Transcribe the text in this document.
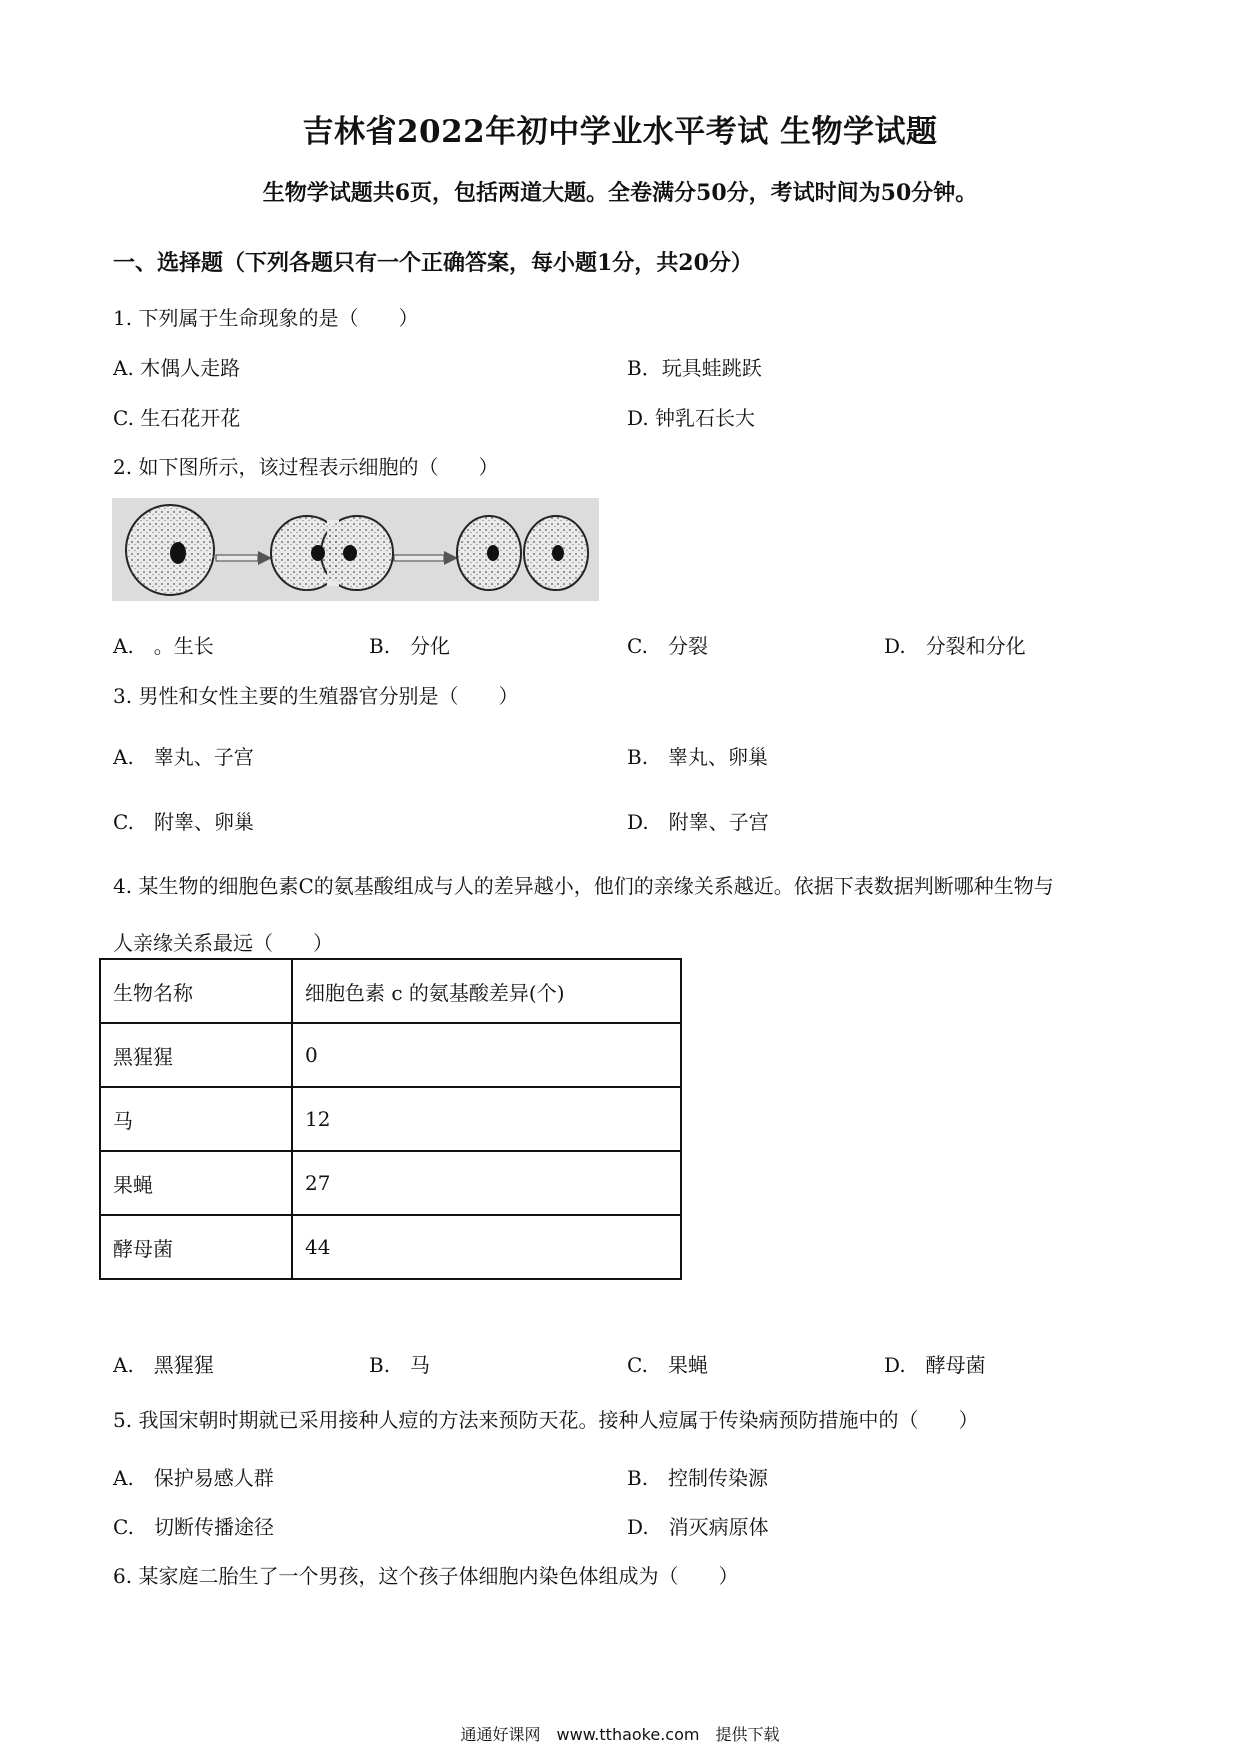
吉林省2022年初中学业水平考试 生物学试题
生物学试题共6页，包括两道大题。全卷满分50分，考试时间为50分钟。
一、选择题（下列各题只有一个正确答案，每小题1分，共20分）
1. 下列属于生命现象的是（　　）
A. 木偶人走路	B．玩具蛙跳跃
C. 生石花开花	D. 钟乳石长大
2. 如下图所示，该过程表示细胞的（　　）
A.　。生长	B.　分化	C.　分裂	D.　分裂和分化
3. 男性和女性主要的生殖器官分别是（　　）
A.　睾丸、子宫	B.　睾丸、卵巢
C.　附睾、卵巢	D.　附睾、子宫
4. 某生物的细胞色素C的氨基酸组成与人的差异越小，他们的亲缘关系越近。依据下表数据判断哪种生物与
人亲缘关系最远（　　）
生物名称	细胞色素 c 的氨基酸差异(个)
黑猩猩	0
马	12
果蝇	27
酵母菌	44
A.　黑猩猩	B.　马	C.　果蝇	D.　酵母菌
5. 我国宋朝时期就已采用接种人痘的方法来预防天花。接种人痘属于传染病预防措施中的（　　）
A.　保护易感人群	B.　控制传染源
C.　切断传播途径	D.　消灭病原体
6. 某家庭二胎生了一个男孩，这个孩子体细胞内染色体组成为（　　）
通通好课网　www.tthaoke.com　提供下载
